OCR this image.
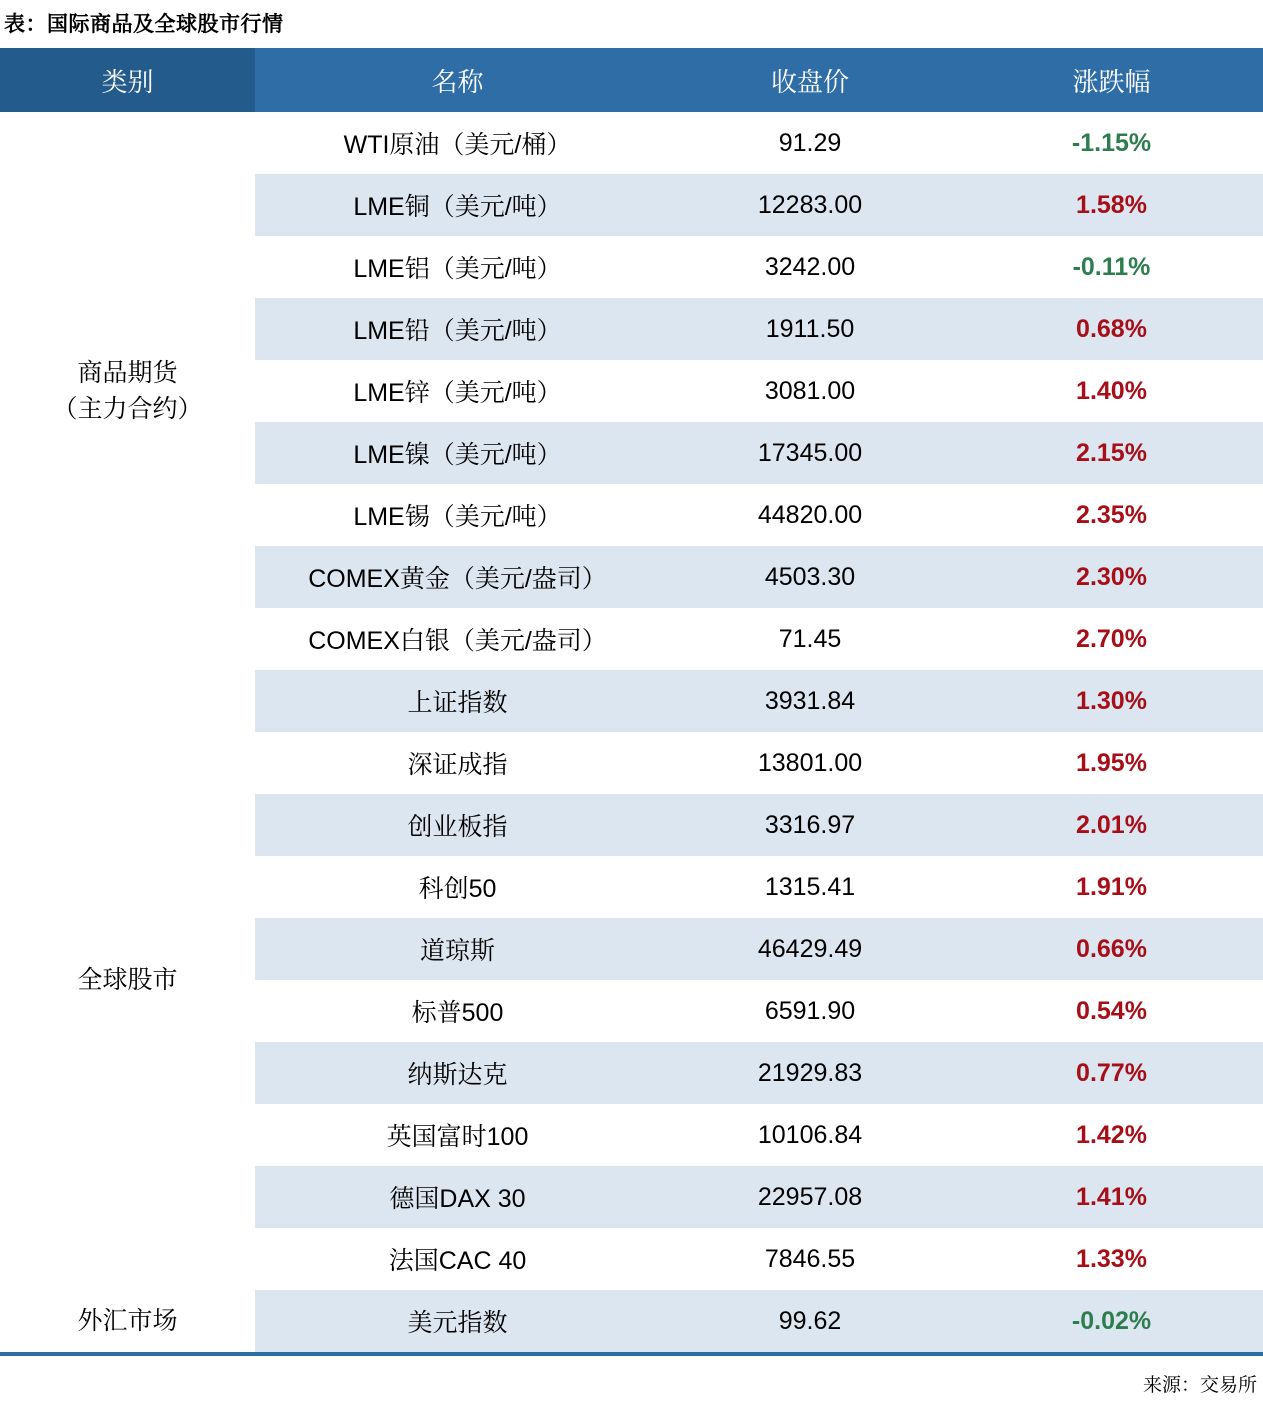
表：国际商品及全球股市行情
类别	名称	收盘价	涨跌幅

商品期货
（主力合约）	WTI原油（美元/桶）	91.29	-1.15%
	LME铜（美元/吨）	12283.00	1.58%
	LME铝（美元/吨）	3242.00	-0.11%
	LME铅（美元/吨）	1911.50	0.68%
	LME锌（美元/吨）	3081.00	1.40%
	LME镍（美元/吨）	17345.00	2.15%
	LME锡（美元/吨）	44820.00	2.35%
	COMEX黄金（美元/盎司）	4503.30	2.30%
	COMEX白银（美元/盎司）	71.45	2.70%

全球股市	上证指数	3931.84	1.30%
	深证成指	13801.00	1.95%
	创业板指	3316.97	2.01%
	科创50	1315.41	1.91%
	道琼斯	46429.49	0.66%
	标普500	6591.90	0.54%
	纳斯达克	21929.83	0.77%
	英国富时100	10106.84	1.42%
	德国DAX 30	22957.08	1.41%
	法国CAC 40	7846.55	1.33%

外汇市场	美元指数	99.62	-0.02%
来源：交易所
